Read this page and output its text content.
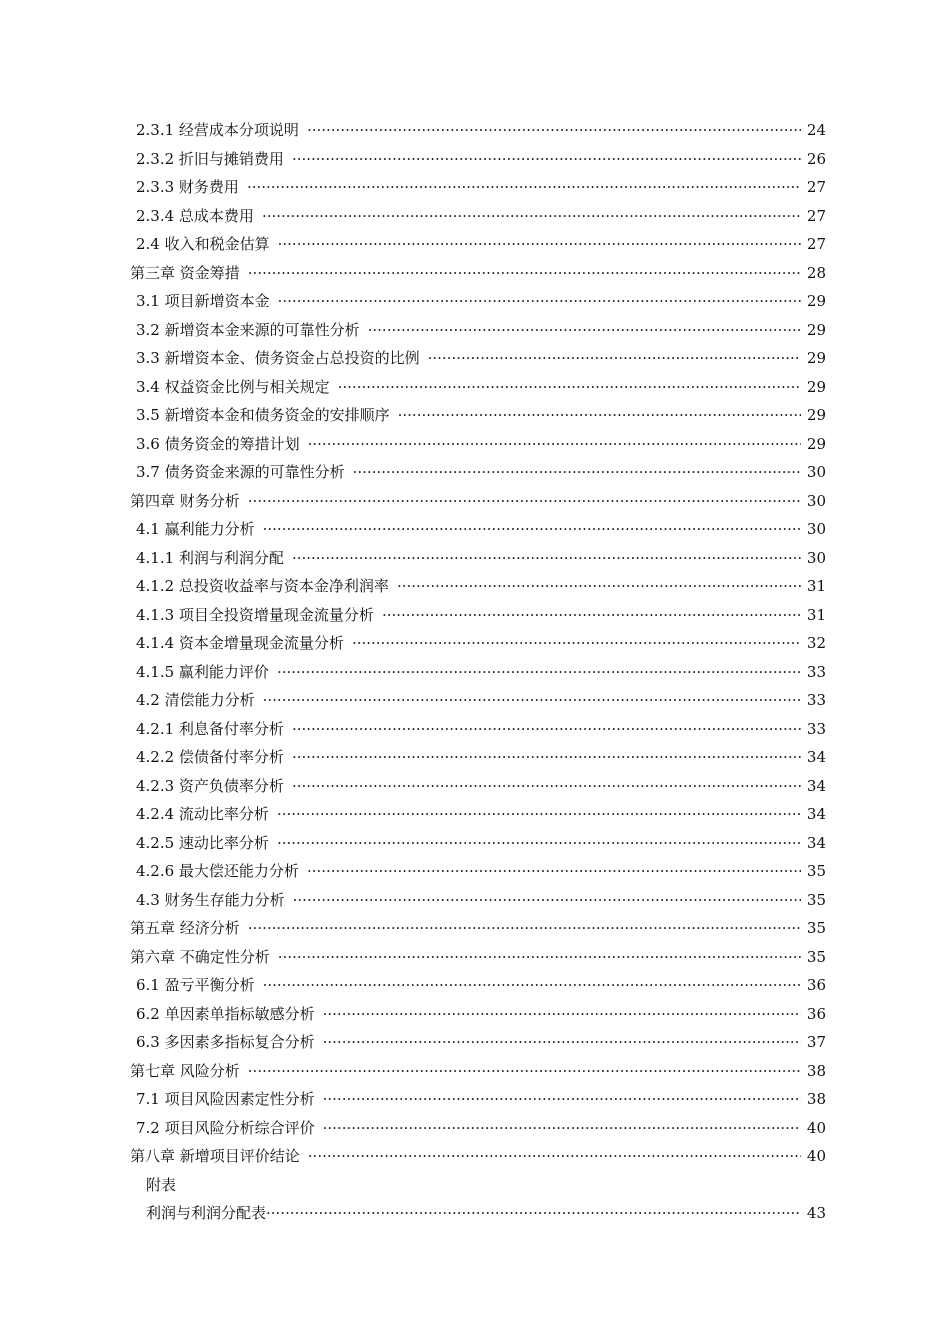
2.3.1 经营成本分项说明 ·····	24
2.3.2 折旧与摊销费用 ·····	26
2.3.3 财务费用 ·····	27
2.3.4 总成本费用 ·····	27
2.4 收入和税金估算 ·····	27
第三章 资金筹措 ·····	28
3.1 项目新增资本金 ·····	29
3.2 新增资本金来源的可靠性分析 ·····	29
3.3 新增资本金、债务资金占总投资的比例 ·····	29
3.4 权益资金比例与相关规定 ·····	29
3.5 新增资本金和债务资金的安排顺序 ·····	29
3.6 债务资金的筹措计划 ·····	29
3.7 债务资金来源的可靠性分析 ·····	30
第四章 财务分析 ·····	30
4.1 赢利能力分析 ·····	30
4.1.1 利润与利润分配 ·····	30
4.1.2 总投资收益率与资本金净利润率 ·····	31
4.1.3 项目全投资增量现金流量分析 ·····	31
4.1.4 资本金增量现金流量分析 ·····	32
4.1.5 赢利能力评价 ·····	33
4.2 清偿能力分析 ·····	33
4.2.1 利息备付率分析 ·····	33
4.2.2 偿债备付率分析 ·····	34
4.2.3 资产负债率分析 ·····	34
4.2.4 流动比率分析 ·····	34
4.2.5 速动比率分析 ·····	34
4.2.6 最大偿还能力分析 ·····	35
4.3 财务生存能力分析 ·····	35
第五章 经济分析 ·····	35
第六章 不确定性分析 ·····	35
6.1 盈亏平衡分析 ·····	36
6.2 单因素单指标敏感分析 ·····	36
6.3 多因素多指标复合分析 ·····	37
第七章 风险分析 ·····	38
7.1 项目风险因素定性分析 ·····	38
7.2 项目风险分析综合评价 ·····	40
第八章 新增项目评价结论 ·····	40
附表
利润与利润分配表 ·····	43
